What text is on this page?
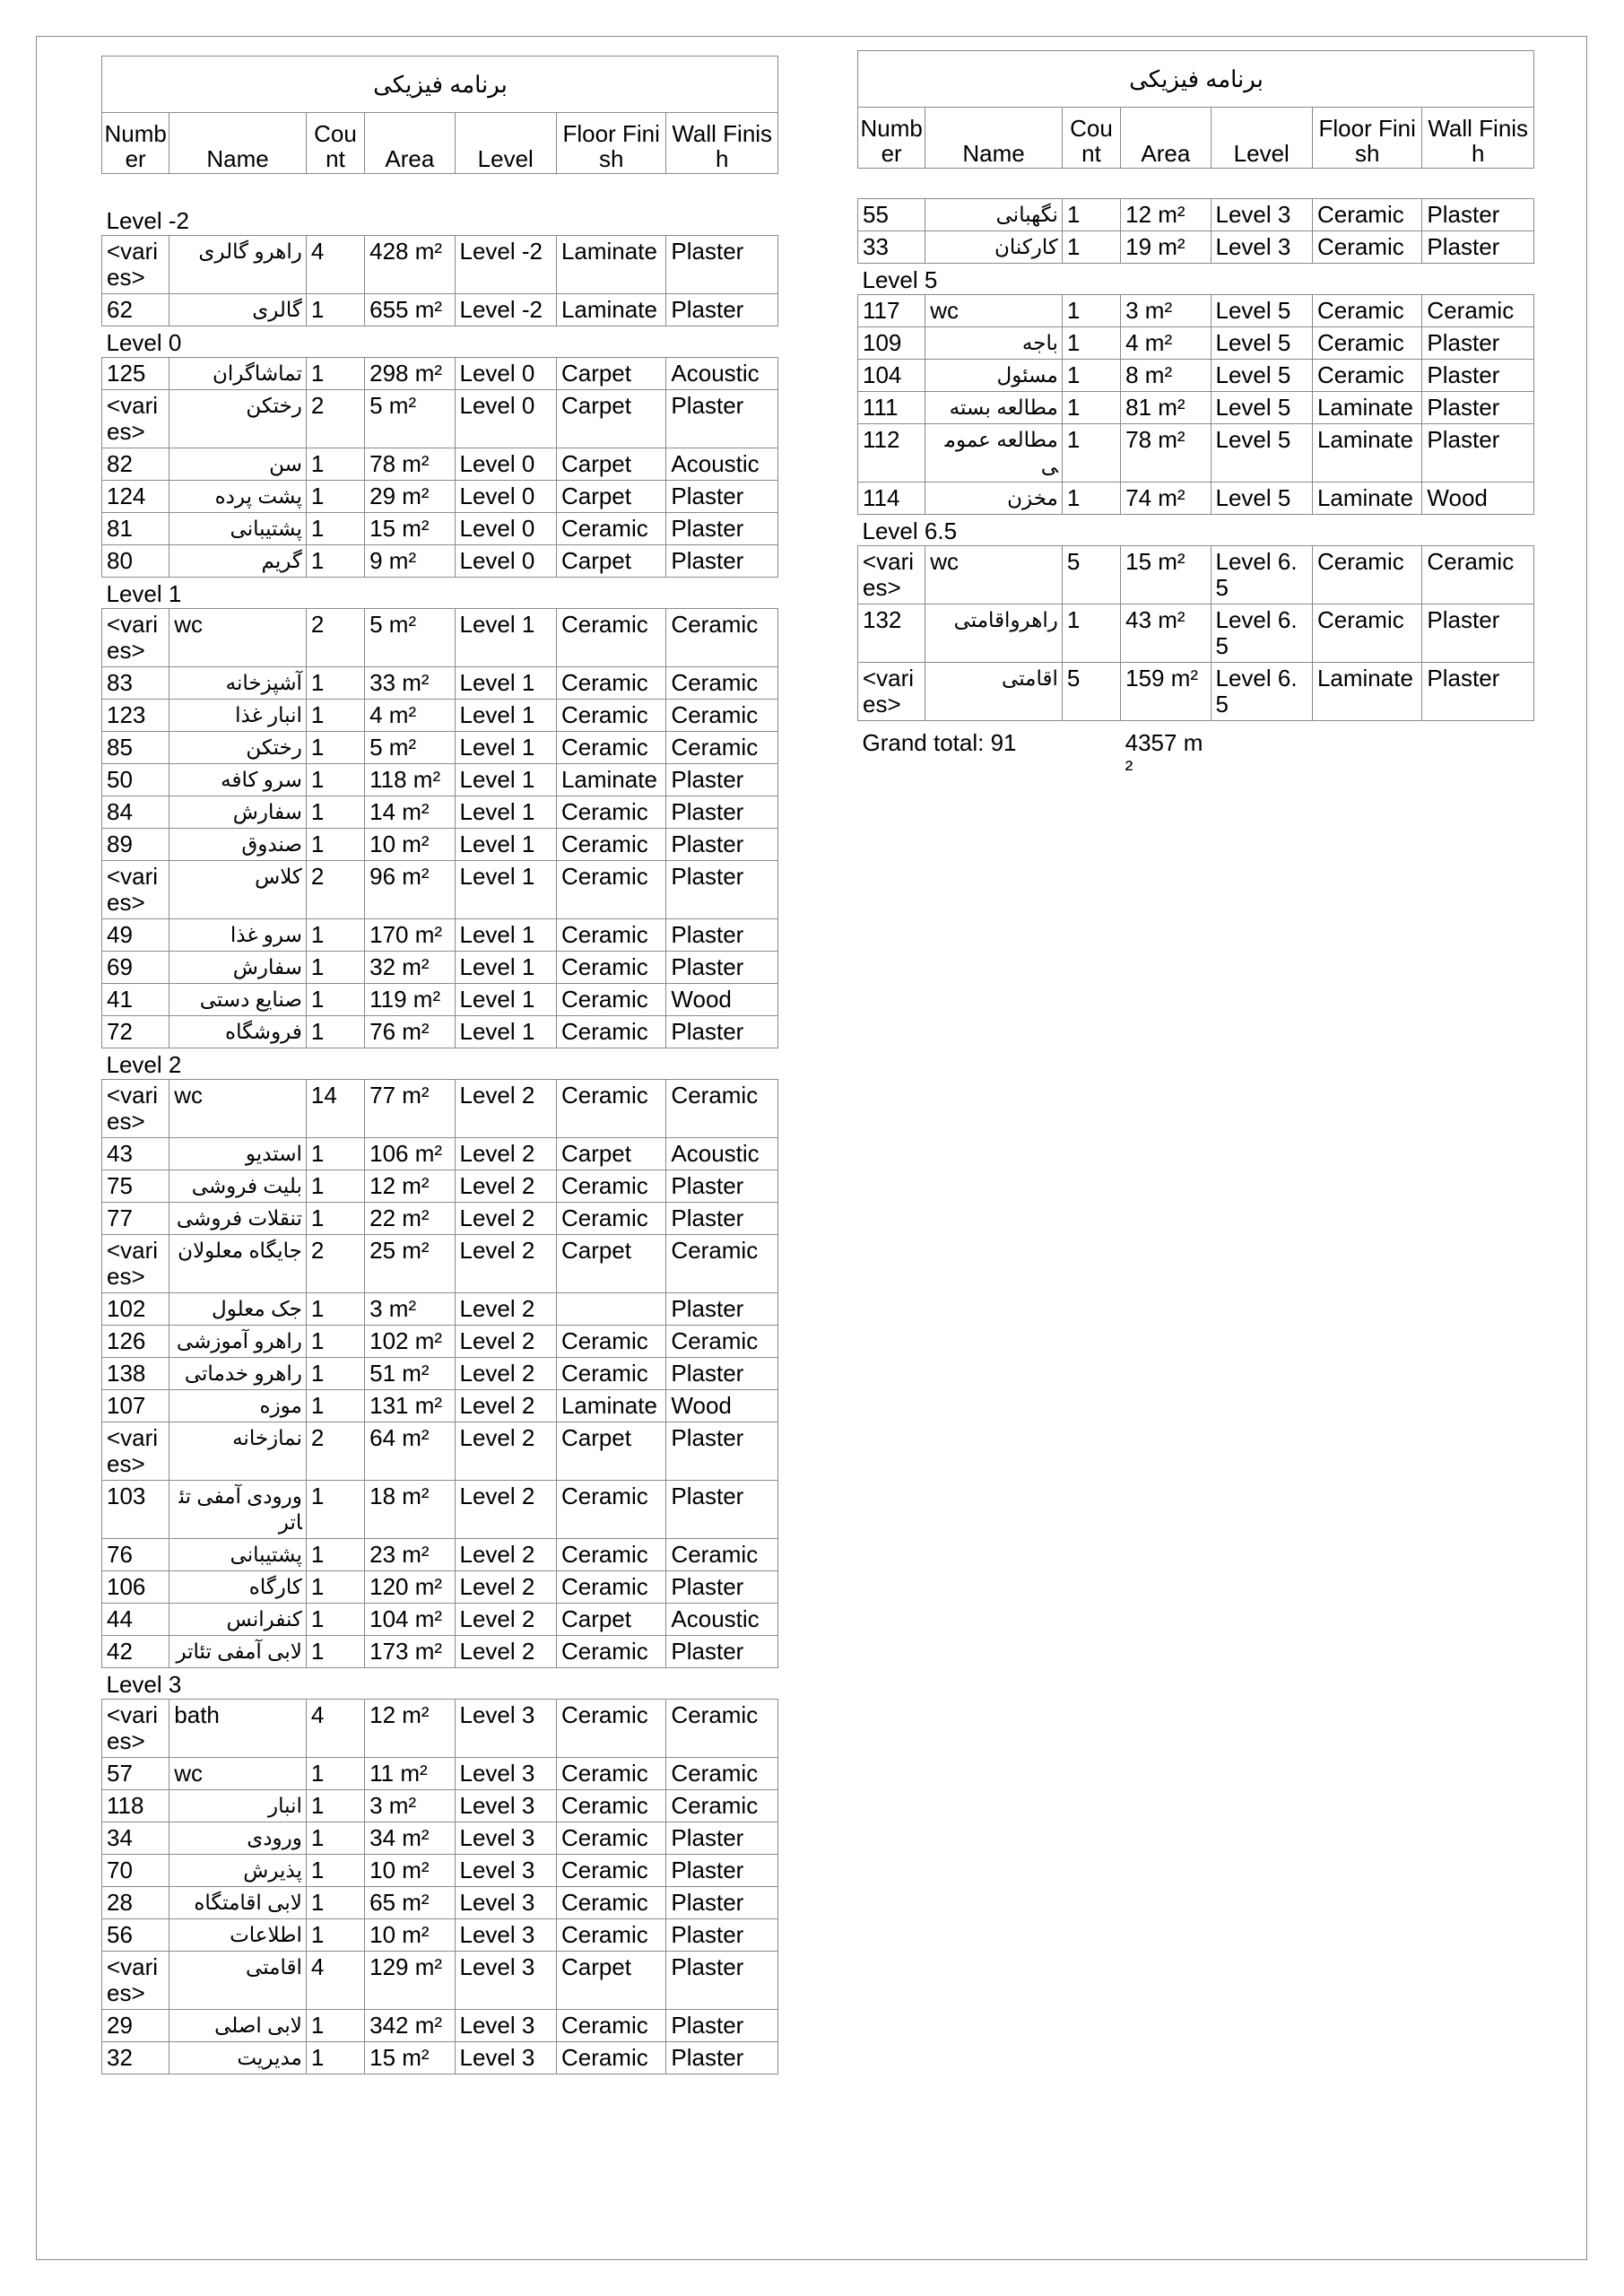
برنامه فیزیکی						
Number	Name	Count	Area	Level	Floor Finish	Wall Finish

Level -2						
<varies>	راهرو گالری	4	428 m²	Level -2	Laminate	Plaster
62	گالری	1	655 m²	Level -2	Laminate	Plaster
Level 0						
125	تماشاگران	1	298 m²	Level 0	Carpet	Acoustic
<varies>	رختکن	2	5 m²	Level 0	Carpet	Plaster
82	سن	1	78 m²	Level 0	Carpet	Acoustic
124	پشت پرده	1	29 m²	Level 0	Carpet	Plaster
81	پشتیبانی	1	15 m²	Level 0	Ceramic	Plaster
80	گریم	1	9 m²	Level 0	Carpet	Plaster
Level 1						
<varies>	wc	2	5 m²	Level 1	Ceramic	Ceramic
83	آشپزخانه	1	33 m²	Level 1	Ceramic	Ceramic
123	انبار غذا	1	4 m²	Level 1	Ceramic	Ceramic
85	رختکن	1	5 m²	Level 1	Ceramic	Ceramic
50	سرو کافه	1	118 m²	Level 1	Laminate	Plaster
84	سفارش	1	14 m²	Level 1	Ceramic	Plaster
89	صندوق	1	10 m²	Level 1	Ceramic	Plaster
<varies>	کلاس	2	96 m²	Level 1	Ceramic	Plaster
49	سرو غذا	1	170 m²	Level 1	Ceramic	Plaster
69	سفارش	1	32 m²	Level 1	Ceramic	Plaster
41	صنایع دستی	1	119 m²	Level 1	Ceramic	Wood
72	فروشگاه	1	76 m²	Level 1	Ceramic	Plaster
Level 2						
<varies>	wc	14	77 m²	Level 2	Ceramic	Ceramic
43	استدیو	1	106 m²	Level 2	Carpet	Acoustic
75	بلیت فروشی	1	12 m²	Level 2	Ceramic	Plaster
77	تنقلات فروشی	1	22 m²	Level 2	Ceramic	Plaster
<varies>	جایگاه معلولان	2	25 m²	Level 2	Carpet	Ceramic
102	جک معلول	1	3 m²	Level 2		Plaster
126	راهرو آموزشی	1	102 m²	Level 2	Ceramic	Ceramic
138	راهرو خدماتی	1	51 m²	Level 2	Ceramic	Plaster
107	موزه	1	131 m²	Level 2	Laminate	Wood
<varies>	نمازخانه	2	64 m²	Level 2	Carpet	Plaster
103	ورودی آمفی تئاتر	1	18 m²	Level 2	Ceramic	Plaster
76	پشتیبانی	1	23 m²	Level 2	Ceramic	Ceramic
106	کارگاه	1	120 m²	Level 2	Ceramic	Plaster
44	کنفرانس	1	104 m²	Level 2	Carpet	Acoustic
42	لابی آمفی تئاتر	1	173 m²	Level 2	Ceramic	Plaster
Level 3						
<varies>	bath	4	12 m²	Level 3	Ceramic	Ceramic
57	wc	1	11 m²	Level 3	Ceramic	Ceramic
118	انبار	1	3 m²	Level 3	Ceramic	Ceramic
34	ورودی	1	34 m²	Level 3	Ceramic	Plaster
70	پذیرش	1	10 m²	Level 3	Ceramic	Plaster
28	لابی اقامتگاه	1	65 m²	Level 3	Ceramic	Plaster
56	اطلاعات	1	10 m²	Level 3	Ceramic	Plaster
<varies>	اقامتی	4	129 m²	Level 3	Carpet	Plaster
29	لابی اصلی	1	342 m²	Level 3	Ceramic	Plaster
32	مدیریت	1	15 m²	Level 3	Ceramic	Plaster
برنامه فیزیکی						
Number	Name	Count	Area	Level	Floor Finish	Wall Finish

55	نگهبانی	1	12 m²	Level 3	Ceramic	Plaster
33	کارکنان	1	19 m²	Level 3	Ceramic	Plaster
Level 5						
117	wc	1	3 m²	Level 5	Ceramic	Ceramic
109	باجه	1	4 m²	Level 5	Ceramic	Plaster
104	مسئول	1	8 m²	Level 5	Ceramic	Plaster
111	مطالعه بسته	1	81 m²	Level 5	Laminate	Plaster
112	مطالعه عمومی	1	78 m²	Level 5	Laminate	Plaster
114	مخزن	1	74 m²	Level 5	Laminate	Wood
Level 6.5						
<varies>	wc	5	15 m²	Level 6.5	Ceramic	Ceramic
132	راهرواقامتی	1	43 m²	Level 6.5	Ceramic	Plaster
<varies>	اقامتی	5	159 m²	Level 6.5	Laminate	Plaster
Grand total: 91			4357 m²			
